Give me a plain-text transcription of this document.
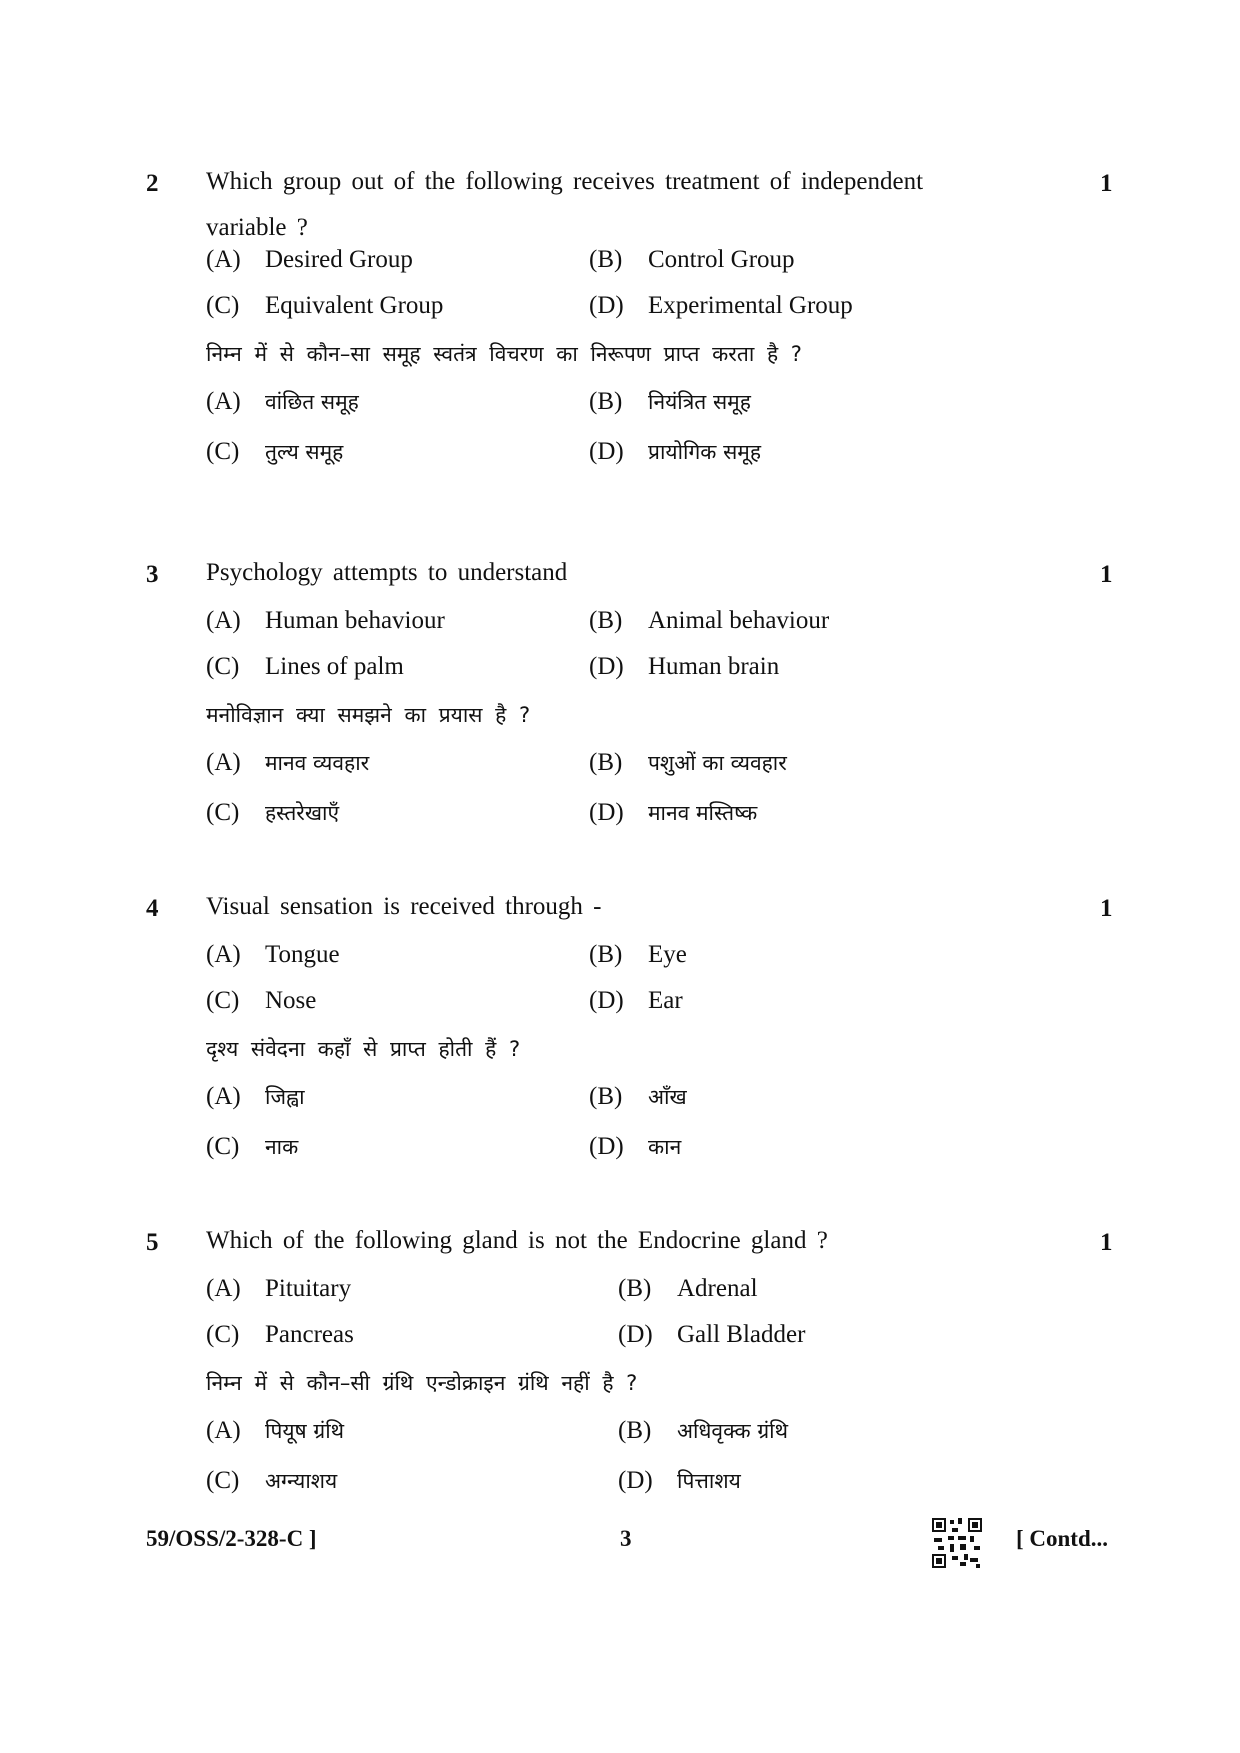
2	1
Which group out of the following receives treatment of independent variable ?
(A) Desired Group	(B) Control Group
(C) Equivalent Group	(D) Experimental Group
निम्न में से कौन–सा समूह स्वतंत्र विचरण का निरूपण प्राप्त करता है ?
(A) वांछित समूह	(B) नियंत्रित समूह
(C) तुल्य समूह	(D) प्रायोगिक समूह
3	1
Psychology attempts to understand
(A) Human behaviour	(B) Animal behaviour
(C) Lines of palm	(D) Human brain
मनोविज्ञान क्या समझने का प्रयास है ?
(A) मानव व्यवहार	(B) पशुओं का व्यवहार
(C) हस्तरेखाएँ	(D) मानव मस्तिष्क
4	1
Visual sensation is received through -
(A) Tongue	(B) Eye
(C) Nose	(D) Ear
दृश्य संवेदना कहाँ से प्राप्त होती हैं ?
(A) जिह्वा	(B) आँख
(C) नाक	(D) कान
5	1
Which of the following gland is not the Endocrine gland ?
(A) Pituitary	(B) Adrenal
(C) Pancreas	(D) Gall Bladder
निम्न में से कौन–सी ग्रंथि एन्डोक्राइन ग्रंथि नहीं है ?
(A) पियूष ग्रंथि	(B) अधिवृक्क ग्रंथि
(C) अग्न्याशय	(D) पित्ताशय
59/OSS/2-328-C ]	3	[ Contd...
